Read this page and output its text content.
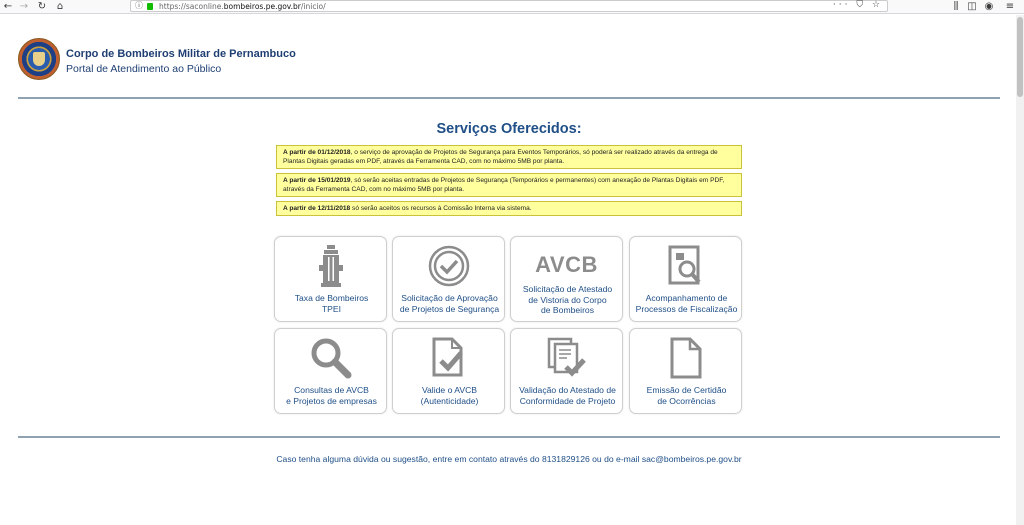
← → ↻ ⌂	ⓘ https://saconline.bombeiros.pe.gov.br/inicio/	··· ⛉ ☆	⫼ ◫ ◉ ≡
Corpo de Bombeiros Militar de Pernambuco
Portal de Atendimento ao Público
Serviços Oferecidos:
A partir de 01/12/2018, o serviço de aprovação de Projetos de Segurança para Eventos Temporários, só poderá ser realizado através da entrega de Plantas Digitais geradas em PDF, através da Ferramenta CAD, com no máximo 5MB por planta.
A partir de 15/01/2019, só serão aceitas entradas de Projetos de Segurança (Temporários e permanentes) com anexação de Plantas Digitais em PDF, através da Ferramenta CAD, com no máximo 5MB por planta.
A partir de 12/11/2018 só serão aceitos os recursos à Comissão Interna via sistema.
Taxa de Bombeiros
TPEI
Solicitação de Aprovação
de Projetos de Segurança
AVCB
Solicitação de Atestado
de Vistoria do Corpo
de Bombeiros
Acompanhamento de
Processos de Fiscalização
Consultas de AVCB
e Projetos de empresas
Valide o AVCB
(Autenticidade)
Validação do Atestado de
Conformidade de Projeto
Emissão de Certidão
de Ocorrências
Caso tenha alguma dúvida ou sugestão, entre em contato através do 8131829126 ou do e-mail sac@bombeiros.pe.gov.br
